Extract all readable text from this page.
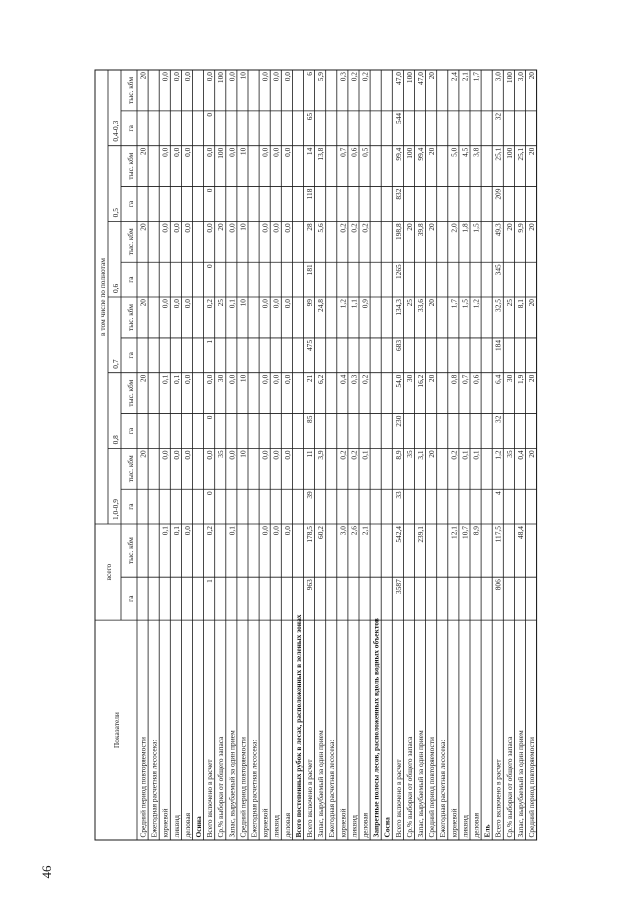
46
Показатели
всего
в том числе по полнотам
1,0-0,9
0,8
0,7
0,6
0,5
0,4-0,3
га
тыс. кбм
га
тыс. кбм
га
тыс. кбм
га
тыс. кбм
га
тыс. кбм
га
тыс. кбм
га
тыс. кбм
Средний период повторяемости
20
20
20
20
20
20
Ежегодная расчетная лесосека: корневой
0,1
0,0
0,1
0,0
0,0
0,0
0,0
ликвид
0,1
0,0
0,1
0,0
0,0
0,0
0,0
деловая
0,0
0,0
0,0
0,0
0,0
0,0
0,0
Осина Всего включено в расчет
1
0,2
0
0,0
0
0,0
1
0,2
0
0,0
0
0,0
0
0,0
Ср.% выборки от общего запаса
35
30
25
20
100
100
Запас, вырубаемый за один прием
0,1
0,0
0,0
0,1
0,0
0,0
0,0
Средний период повторяемости
10
10
10
10
10
10
Ежегодная расчетная лесосека: корневой
0,0
0,0
0,0
0,0
0,0
0,0
0,0
ликвид
0,0
0,0
0,0
0,0
0,0
0,0
0,0
деловая
0,0
0,0
0,0
0,0
0,0
0,0
0,0
Всего постепенных рубок в лесах, расположенных в зеленых зонах Всего включено в расчет
963
178,5
39
11
85
21
475
99
181
28
118
14
65
6
Запас, вырубаемый за один прием
60,2
3,9
6,2
24,8
5,6
13,8
5,9
Ежегодная расчетная лесосека: корневой
3,0
0,2
0,4
1,2
0,2
0,7
0,3
ликвид
2,6
0,2
0,3
1,1
0,2
0,6
0,2
деловая
2,1
0,1
0,2
0,9
0,2
0,5
0,2
Запретные полосы лесов, расположенных вдоль водных объектов Сосна Всего включено в расчет
3587
542,4
33
8,9
230
54,0
683
134,3
1265
198,8
832
99,4
544
47,0
Ср.% выборки от общего запаса
35
30
25
20
100
100
Запас, вырубаемый за один прием
239,1
3,1
16,2
33,6
39,8
99,4
47,0
Средний период повторяемости
20
20
20
20
20
20
Ежегодная расчетная лесосека: корневой
12,1
0,2
0,8
1,7
2,0
5,0
2,4
ликвид
10,7
0,1
0,7
1,5
1,8
4,5
2,1
деловая
8,9
0,1
0,6
1,2
1,5
3,8
1,7
Ель Всего включено в расчет
806
117,5
4
1,2
32
6,4
184
32,5
345
49,3
209
25,1
32
3,0
Ср.% выборки от общего запаса
35
30
25
20
100
100
Запас, вырубаемый за один прием
48,4
0,4
1,9
8,1
9,9
25,1
3,0
Средний период повторяемости
20
20
20
20
20
20
